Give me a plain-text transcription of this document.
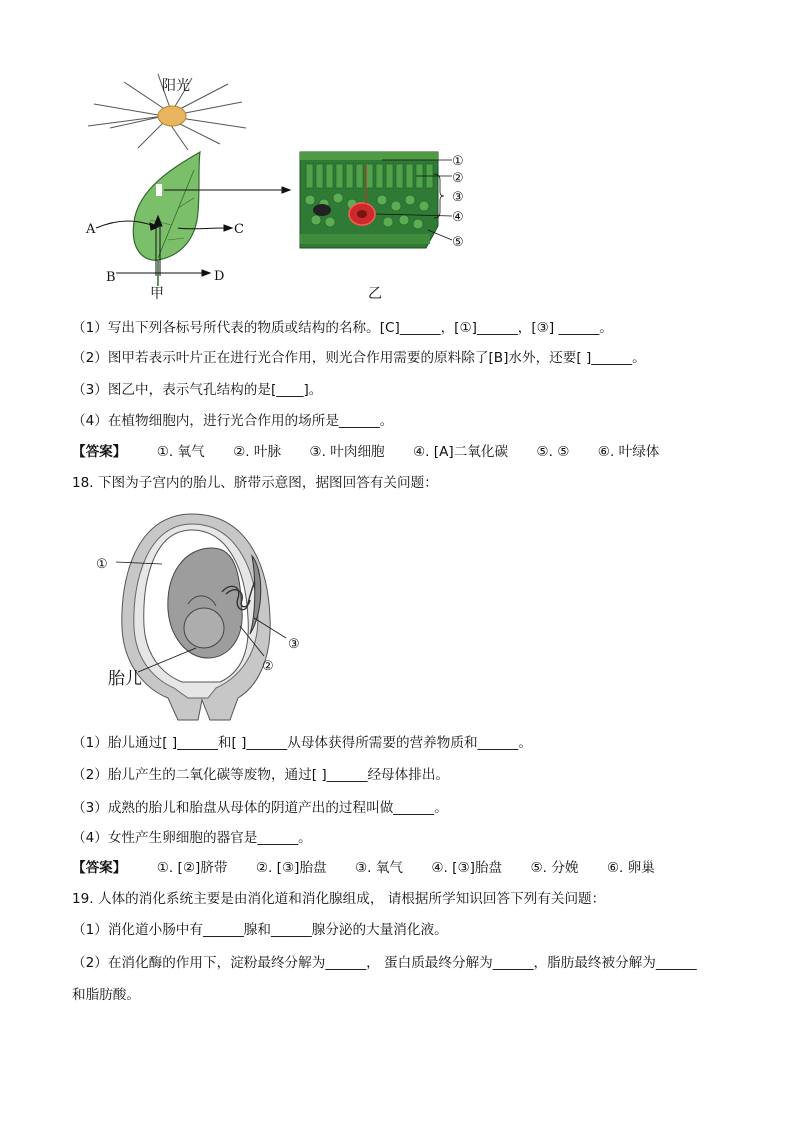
阳光
A	C
B	D
甲
①
②
③
④
⑤
乙
（1）写出下列各标号所代表的物质或结构的名称。[C]______，[①]______，[③] ______。
（2）图甲若表示叶片正在进行光合作用，则光合作用需要的原料除了[B]水外，还要[ ]______。
（3）图乙中，表示气孔结构的是[____]。
（4）在植物细胞内，进行光合作用的场所是______。
【答案】 ①. 氧气 ②. 叶脉 ③. 叶肉细胞 ④. [A]二氧化碳 ⑤. ⑤ ⑥. 叶绿体
18. 下图为子宫内的胎儿、脐带示意图，据图回答有关问题：
①
③
②
胎儿
（1）胎儿通过[ ]______和[ ]______从母体获得所需要的营养物质和______。
（2）胎儿产生的二氧化碳等废物，通过[ ]______经母体排出。
（3）成熟的胎儿和胎盘从母体的阴道产出的过程叫做______。
（4）女性产生卵细胞的器官是______。
【答案】 ①. [②]脐带 ②. [③]胎盘 ③. 氧气 ④. [③]胎盘 ⑤. 分娩 ⑥. 卵巢
19. 人体的消化系统主要是由消化道和消化腺组成， 请根据所学知识回答下列有关问题：
（1）消化道小肠中有______腺和______腺分泌的大量消化液。
（2）在消化酶的作用下，淀粉最终分解为______， 蛋白质最终分解为______，脂肪最终被分解为______
和脂肪酸。
